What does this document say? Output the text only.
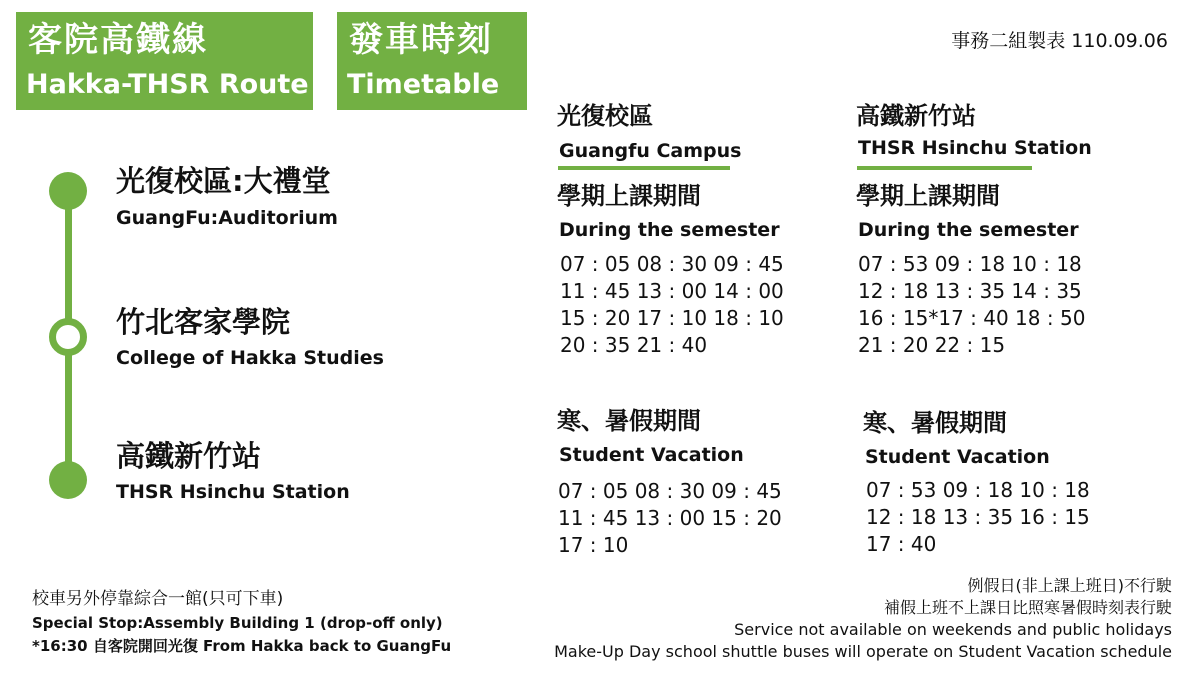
客院高鐵線
Hakka-THSR Route
發車時刻
Timetable
事務二組製表 110.09.06
光復校區:大禮堂
GuangFu:Auditorium
竹北客家學院
College of Hakka Studies
高鐵新竹站
THSR Hsinchu Station
光復校區
Guangfu Campus
學期上課期間
During the semester
07 : 05 08 : 30 09 : 45
11 : 45 13 : 00 14 : 00
15 : 20 17 : 10 18 : 10
20 : 35 21 : 40
寒、暑假期間
Student Vacation
07 : 05 08 : 30 09 : 45
11 : 45 13 : 00 15 : 20
17 : 10
高鐵新竹站
THSR Hsinchu Station
學期上課期間
During the semester
07 : 53 09 : 18 10 : 18
12 : 18 13 : 35 14 : 35
16 : 15*17 : 40 18 : 50
21 : 20 22 : 15
寒、暑假期間
Student Vacation
07 : 53 09 : 18 10 : 18
12 : 18 13 : 35 16 : 15
17 : 40
校車另外停靠綜合一館(只可下車)
Special Stop:Assembly Building 1 (drop-off only)
*16:30 自客院開回光復 From Hakka back to GuangFu
例假日(非上課上班日)不行駛
補假上班不上課日比照寒暑假時刻表行駛
Service not available on weekends and public holidays
Make-Up Day school shuttle buses will operate on Student Vacation schedule
